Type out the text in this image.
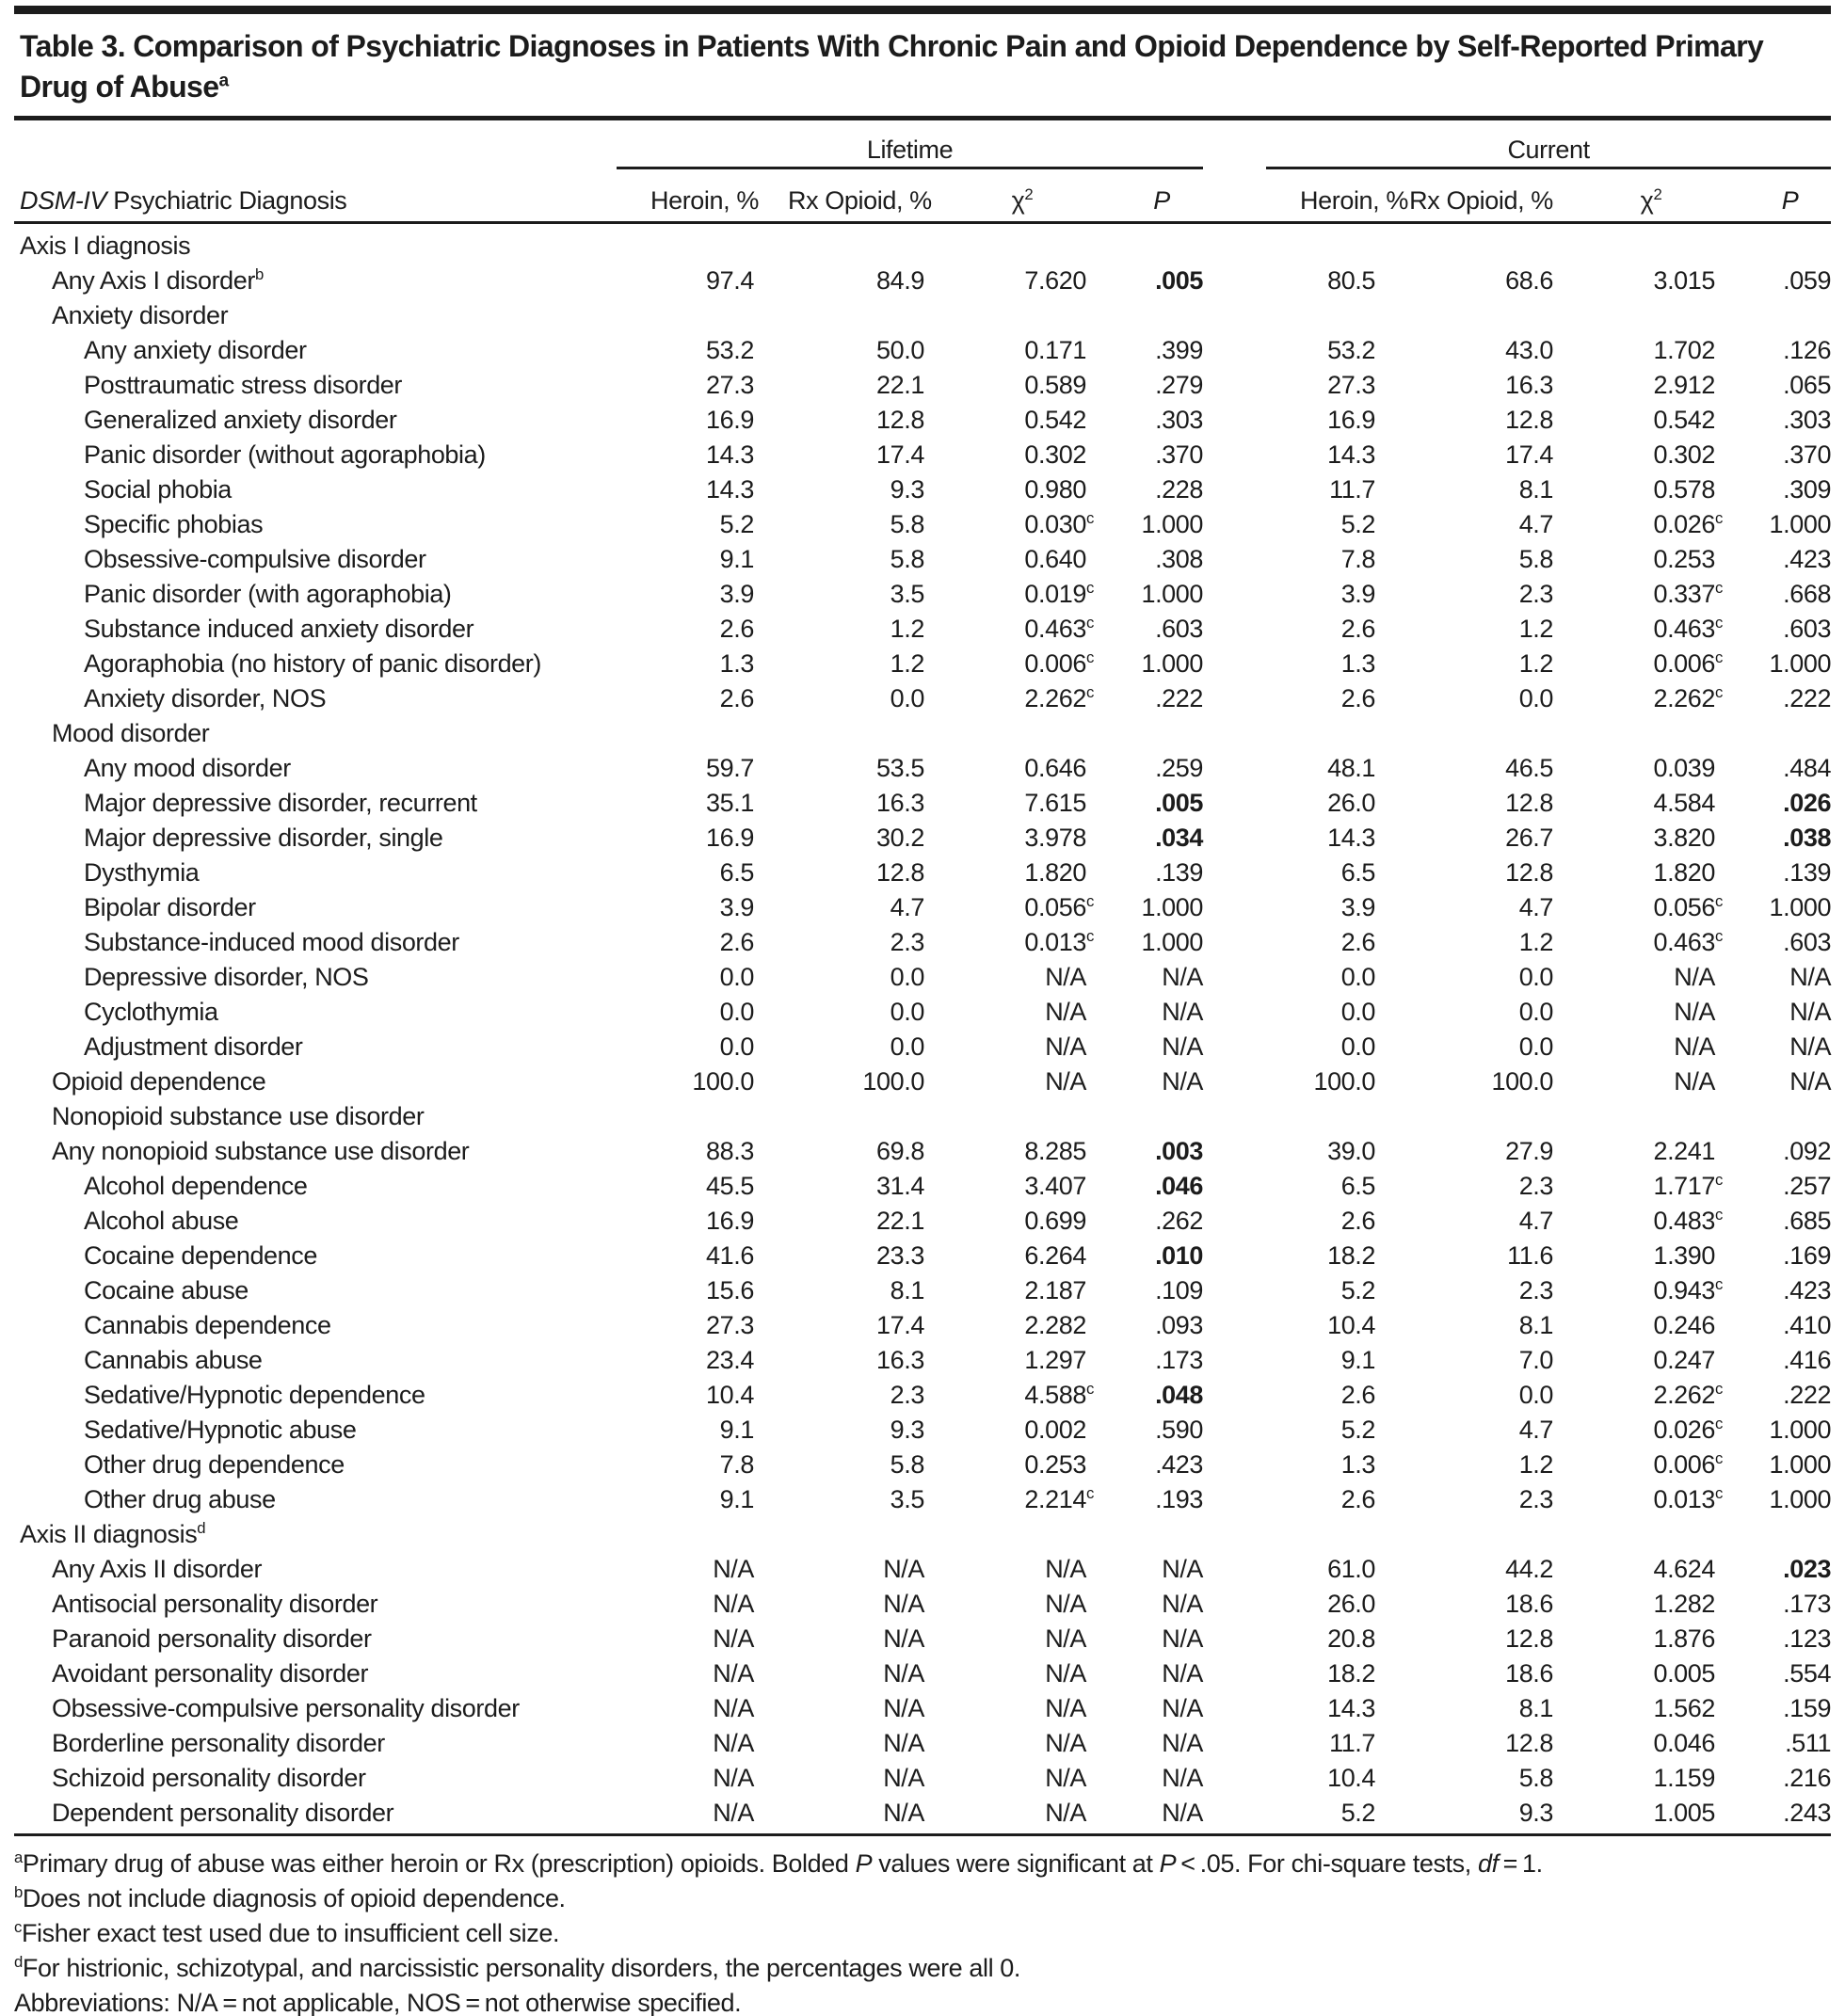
Table 3. Comparison of Psychiatric Diagnoses in Patients With Chronic Pain and Opioid Dependence by Self-Reported Primary Drug of Abuse$^a$
	Lifetime					Current			
DSM-IV Psychiatric Diagnosis	Heroin, %	Rx Opioid, %	$\chi^2$	P		Heroin, %	Rx Opioid, %	$\chi^2$	P
Axis I diagnosis									
Any Axis I disorder$^b$	97.4	84.9	7.620	.005		80.5	68.6	3.015	.059
Anxiety disorder									
Any anxiety disorder	53.2	50.0	0.171	.399		53.2	43.0	1.702	.126
Posttraumatic stress disorder	27.3	22.1	0.589	.279		27.3	16.3	2.912	.065
Generalized anxiety disorder	16.9	12.8	0.542	.303		16.9	12.8	0.542	.303
Panic disorder (without agoraphobia)	14.3	17.4	0.302	.370		14.3	17.4	0.302	.370
Social phobia	14.3	9.3	0.980	.228		11.7	8.1	0.578	.309
Specific phobias	5.2	5.8	0.030$^c$	1.000		5.2	4.7	0.026$^c$	1.000
Obsessive-compulsive disorder	9.1	5.8	0.640	.308		7.8	5.8	0.253	.423
Panic disorder (with agoraphobia)	3.9	3.5	0.019$^c$	1.000		3.9	2.3	0.337$^c$	.668
Substance induced anxiety disorder	2.6	1.2	0.463$^c$	.603		2.6	1.2	0.463$^c$	.603
Agoraphobia (no history of panic disorder)	1.3	1.2	0.006$^c$	1.000		1.3	1.2	0.006$^c$	1.000
Anxiety disorder, NOS	2.6	0.0	2.262$^c$	.222		2.6	0.0	2.262$^c$	.222
Mood disorder									
Any mood disorder	59.7	53.5	0.646	.259		48.1	46.5	0.039	.484
Major depressive disorder, recurrent	35.1	16.3	7.615	.005		26.0	12.8	4.584	.026
Major depressive disorder, single	16.9	30.2	3.978	.034		14.3	26.7	3.820	.038
Dysthymia	6.5	12.8	1.820	.139		6.5	12.8	1.820	.139
Bipolar disorder	3.9	4.7	0.056$^c$	1.000		3.9	4.7	0.056$^c$	1.000
Substance-induced mood disorder	2.6	2.3	0.013$^c$	1.000		2.6	1.2	0.463$^c$	.603
Depressive disorder, NOS	0.0	0.0	N/A	N/A		0.0	0.0	N/A	N/A
Cyclothymia	0.0	0.0	N/A	N/A		0.0	0.0	N/A	N/A
Adjustment disorder	0.0	0.0	N/A	N/A		0.0	0.0	N/A	N/A
Opioid dependence	100.0	100.0	N/A	N/A		100.0	100.0	N/A	N/A
Nonopioid substance use disorder									
Any nonopioid substance use disorder	88.3	69.8	8.285	.003		39.0	27.9	2.241	.092
Alcohol dependence	45.5	31.4	3.407	.046		6.5	2.3	1.717$^c$	.257
Alcohol abuse	16.9	22.1	0.699	.262		2.6	4.7	0.483$^c$	.685
Cocaine dependence	41.6	23.3	6.264	.010		18.2	11.6	1.390	.169
Cocaine abuse	15.6	8.1	2.187	.109		5.2	2.3	0.943$^c$	.423
Cannabis dependence	27.3	17.4	2.282	.093		10.4	8.1	0.246	.410
Cannabis abuse	23.4	16.3	1.297	.173		9.1	7.0	0.247	.416
Sedative/Hypnotic dependence	10.4	2.3	4.588$^c$	.048		2.6	0.0	2.262$^c$	.222
Sedative/Hypnotic abuse	9.1	9.3	0.002	.590		5.2	4.7	0.026$^c$	1.000
Other drug dependence	7.8	5.8	0.253	.423		1.3	1.2	0.006$^c$	1.000
Other drug abuse	9.1	3.5	2.214$^c$	.193		2.6	2.3	0.013$^c$	1.000
Axis II diagnosis$^d$	
Any Axis II disorder	N/A	N/A	N/A	N/A		61.0	44.2	4.624	.023
Antisocial personality disorder	N/A	N/A	N/A	N/A		26.0	18.6	1.282	.173
Paranoid personality disorder	N/A	N/A	N/A	N/A		20.8	12.8	1.876	.123
Avoidant personality disorder	N/A	N/A	N/A	N/A		18.2	18.6	0.005	.554
Obsessive-compulsive personality disorder	N/A	N/A	N/A	N/A		14.3	8.1	1.562	.159
Borderline personality disorder	N/A	N/A	N/A	N/A		11.7	12.8	0.046	.511
Schizoid personality disorder	N/A	N/A	N/A	N/A		10.4	5.8	1.159	.216
Dependent personality disorder	N/A	N/A	N/A	N/A		5.2	9.3	1.005	.243
$^a$Primary drug of abuse was either heroin or Rx (prescription) opioids. Bolded P values were significant at P < .05. For chi-square tests, df = 1.
$^b$Does not include diagnosis of opioid dependence.
$^c$Fisher exact test used due to insufficient cell size.
$^d$For histrionic, schizotypal, and narcissistic personality disorders, the percentages were all 0.
Abbreviations: N/A = not applicable, NOS = not otherwise specified.
